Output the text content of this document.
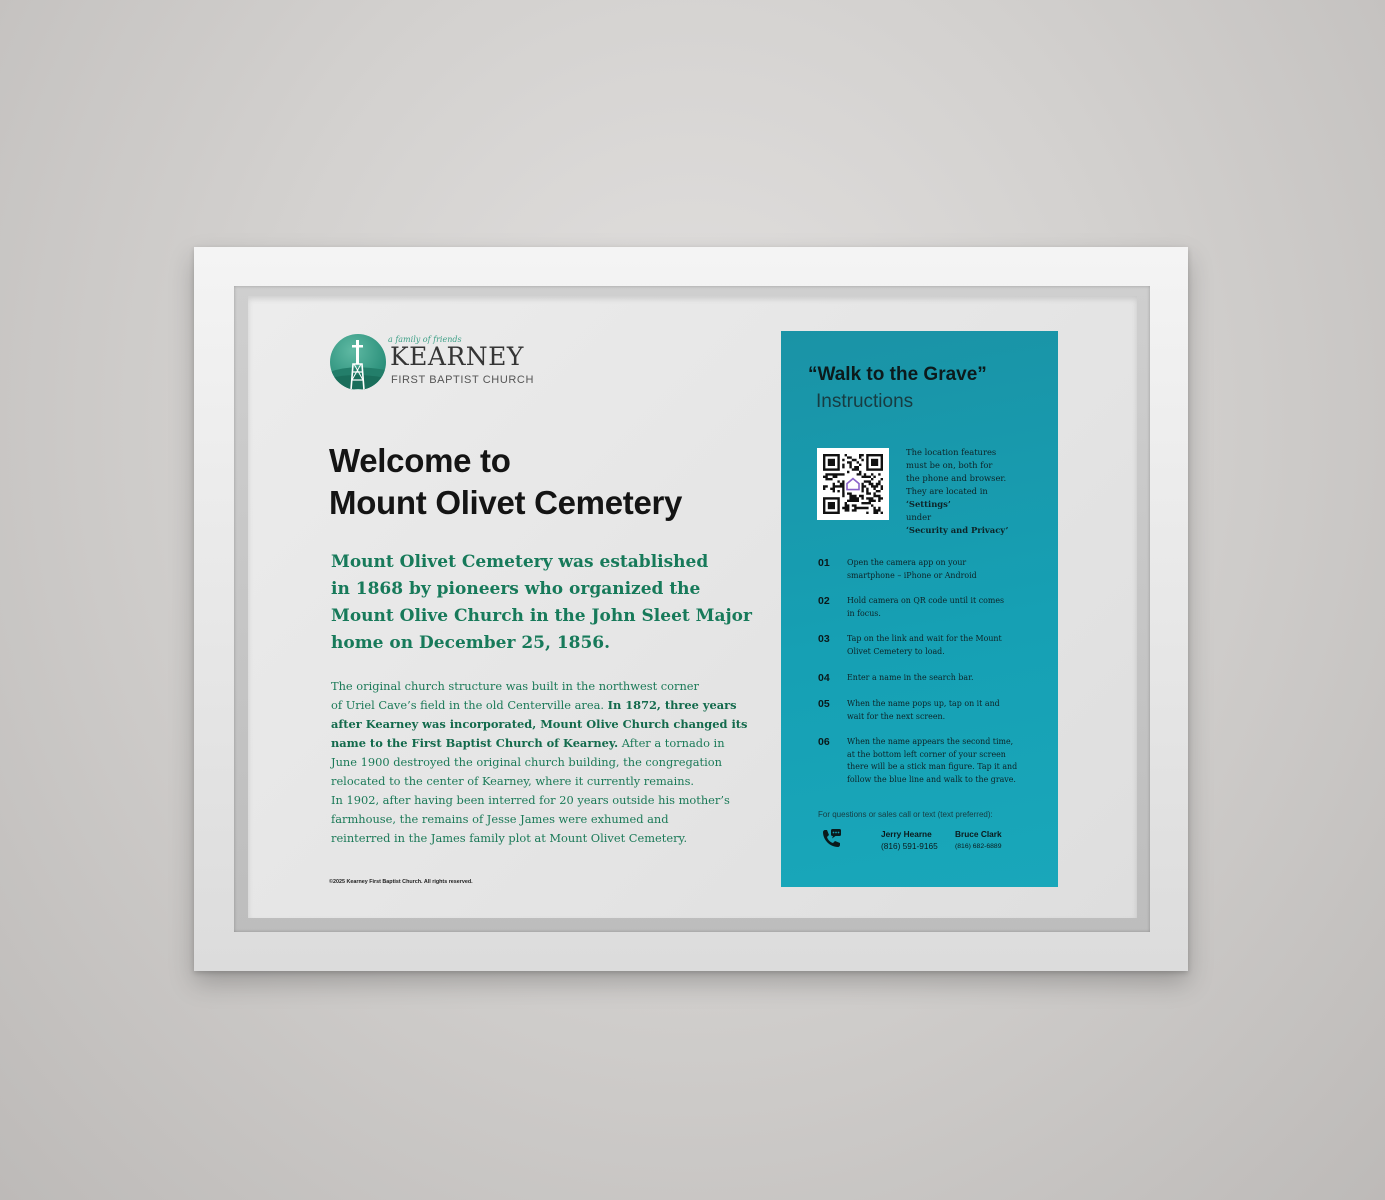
a family of friends
KEARNEY
FIRST BAPTIST CHURCH
Welcome to
Mount Olivet Cemetery

Mount Olivet Cemetery was established
in 1868 by pioneers who organized the
Mount Olive Church in the John Sleet Major
home on December 25, 1856.

The original church structure was built in the northwest corner
of Uriel Cave’s field in the old Centerville area. In 1872, three years
after Kearney was incorporated, Mount Olive Church changed its
name to the First Baptist Church of Kearney. After a tornado in
June 1900 destroyed the original church building, the congregation
relocated to the center of Kearney, where it currently remains.
In 1902, after having been interred for 20 years outside his mother’s
farmhouse, the remains of Jesse James were exhumed and
reinterred in the James family plot at Mount Olivet Cemetery.

©2025 Kearney First Baptist Church. All rights reserved.
“Walk to the Grave”
Instructions
The location features
must be on, both for
the phone and browser.
They are located in
‘Settings’
under
‘Security and Privacy’
01 Open the camera app on your
smartphone – iPhone or Android
02 Hold camera on QR code until it comes
in focus.
03 Tap on the link and wait for the Mount
Olivet Cemetery to load.
04 Enter a name in the search bar.
05 When the name pops up, tap on it and
wait for the next screen.
06 When the name appears the second time,
at the bottom left corner of your screen
there will be a stick man figure. Tap it and
follow the blue line and walk to the grave.
For questions or sales call or text (text preferred):
Jerry Hearne
(816) 591-9165
Bruce Clark
(816) 682-6889
